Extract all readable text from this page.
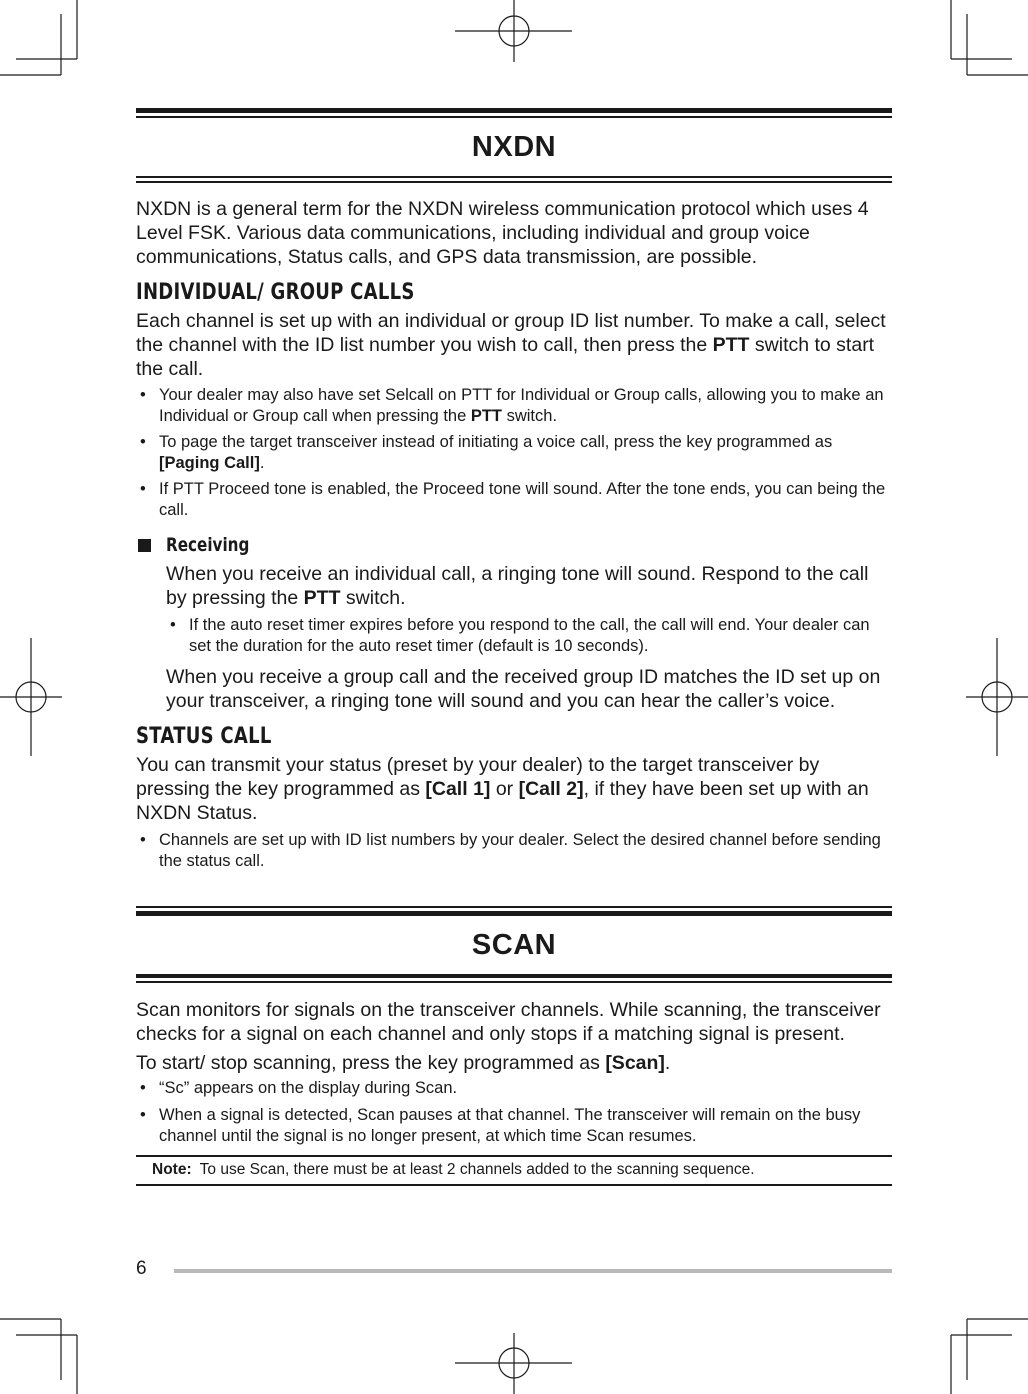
NXDN

NXDN is a general term for the NXDN wireless communication protocol which uses 4 Level FSK. Various data communications, including individual and group voice communications, Status calls, and GPS data transmission, are possible.

INDIVIDUAL/ GROUP CALLS

Each channel is set up with an individual or group ID list number. To make a call, select the channel with the ID list number you wish to call, then press the PTT switch to start the call.

• Your dealer may also have set Selcall on PTT for Individual or Group calls, allowing you to make an Individual or Group call when pressing the PTT switch.
• To page the target transceiver instead of initiating a voice call, press the key programmed as [Paging Call].
• If PTT Proceed tone is enabled, the Proceed tone will sound. After the tone ends, you can being the call.
Receiving

When you receive an individual call, a ringing tone will sound. Respond to the call by pressing the PTT switch.

• If the auto reset timer expires before you respond to the call, the call will end. Your dealer can set the duration for the auto reset timer (default is 10 seconds).

When you receive a group call and the received group ID matches the ID set up on your transceiver, a ringing tone will sound and you can hear the caller’s voice.

STATUS CALL

You can transmit your status (preset by your dealer) to the target transceiver by pressing the key programmed as [Call 1] or [Call 2], if they have been set up with an NXDN Status.

• Channels are set up with ID list numbers by your dealer. Select the desired channel before sending the status call.
SCAN

Scan monitors for signals on the transceiver channels. While scanning, the transceiver checks for a signal on each channel and only stops if a matching signal is present.

To start/ stop scanning, press the key programmed as [Scan].

• “Sc” appears on the display during Scan.
• When a signal is detected, Scan pauses at that channel. The transceiver will remain on the busy channel until the signal is no longer present, at which time Scan resumes.
Note: To use Scan, there must be at least 2 channels added to the scanning sequence.
6
